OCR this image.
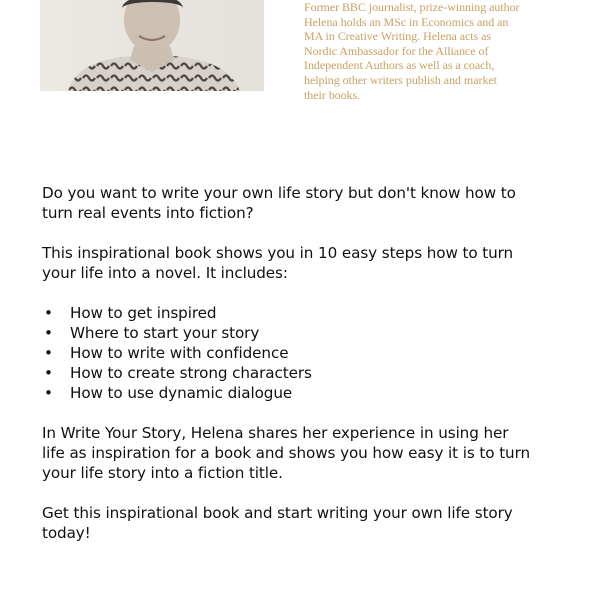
Former BBC journalist, prize-winning author
Helena holds an MSc in Economics and an
MA in Creative Writing. Helena acts as
Nordic Ambassador for the Alliance of
Independent Authors as well as a coach,
helping other writers publish and market
their books.

Do you want to write your own life story but don't know how to
turn real events into fiction?

This inspirational book shows you in 10 easy steps how to turn
your life into a novel. It includes:

• How to get inspired
• Where to start your story
• How to write with confidence
• How to create strong characters
• How to use dynamic dialogue

In Write Your Story, Helena shares her experience in using her
life as inspiration for a book and shows you how easy it is to turn
your life story into a fiction title.

Get this inspirational book and start writing your own life story
today!
